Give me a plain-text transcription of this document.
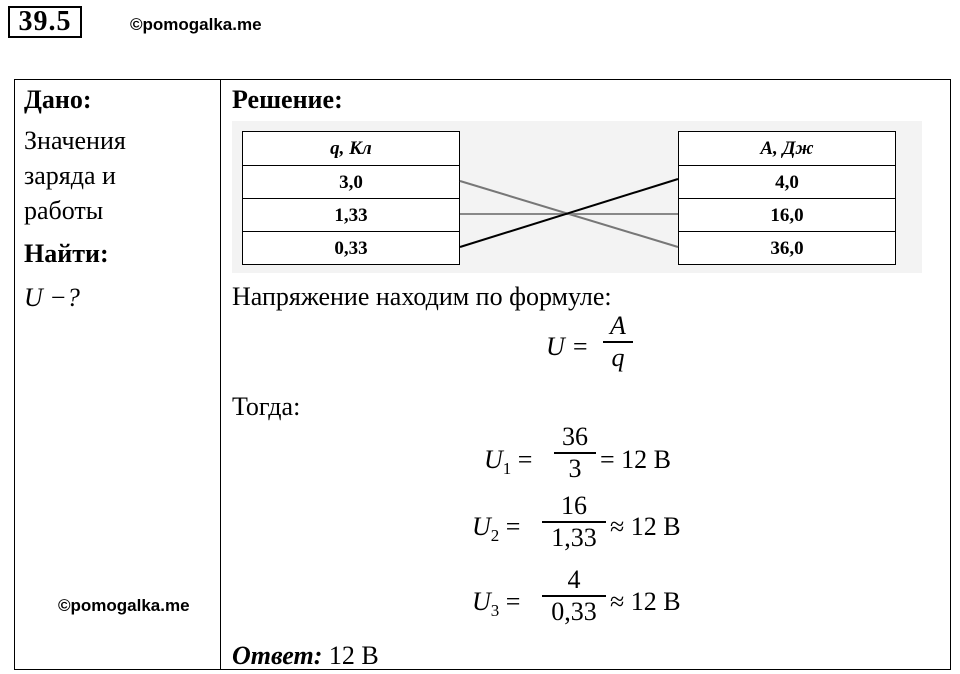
39.5	©pomogalka.me
Дано:
Значения
заряда и
работы
Найти:
U −?
©pomogalka.me
Решение:
q, Кл
3,0
1,33
0,33
A, Дж
4,0
16,0
36,0
Напряжение находим по формуле:
U =
A
q
Тогда:
$U_1$ =
36
3 = 12 В
$U_2$ =
16
1,33 ≈ 12 В
$U_3$ =
4
0,33 ≈ 12 В
Ответ: 12 В
